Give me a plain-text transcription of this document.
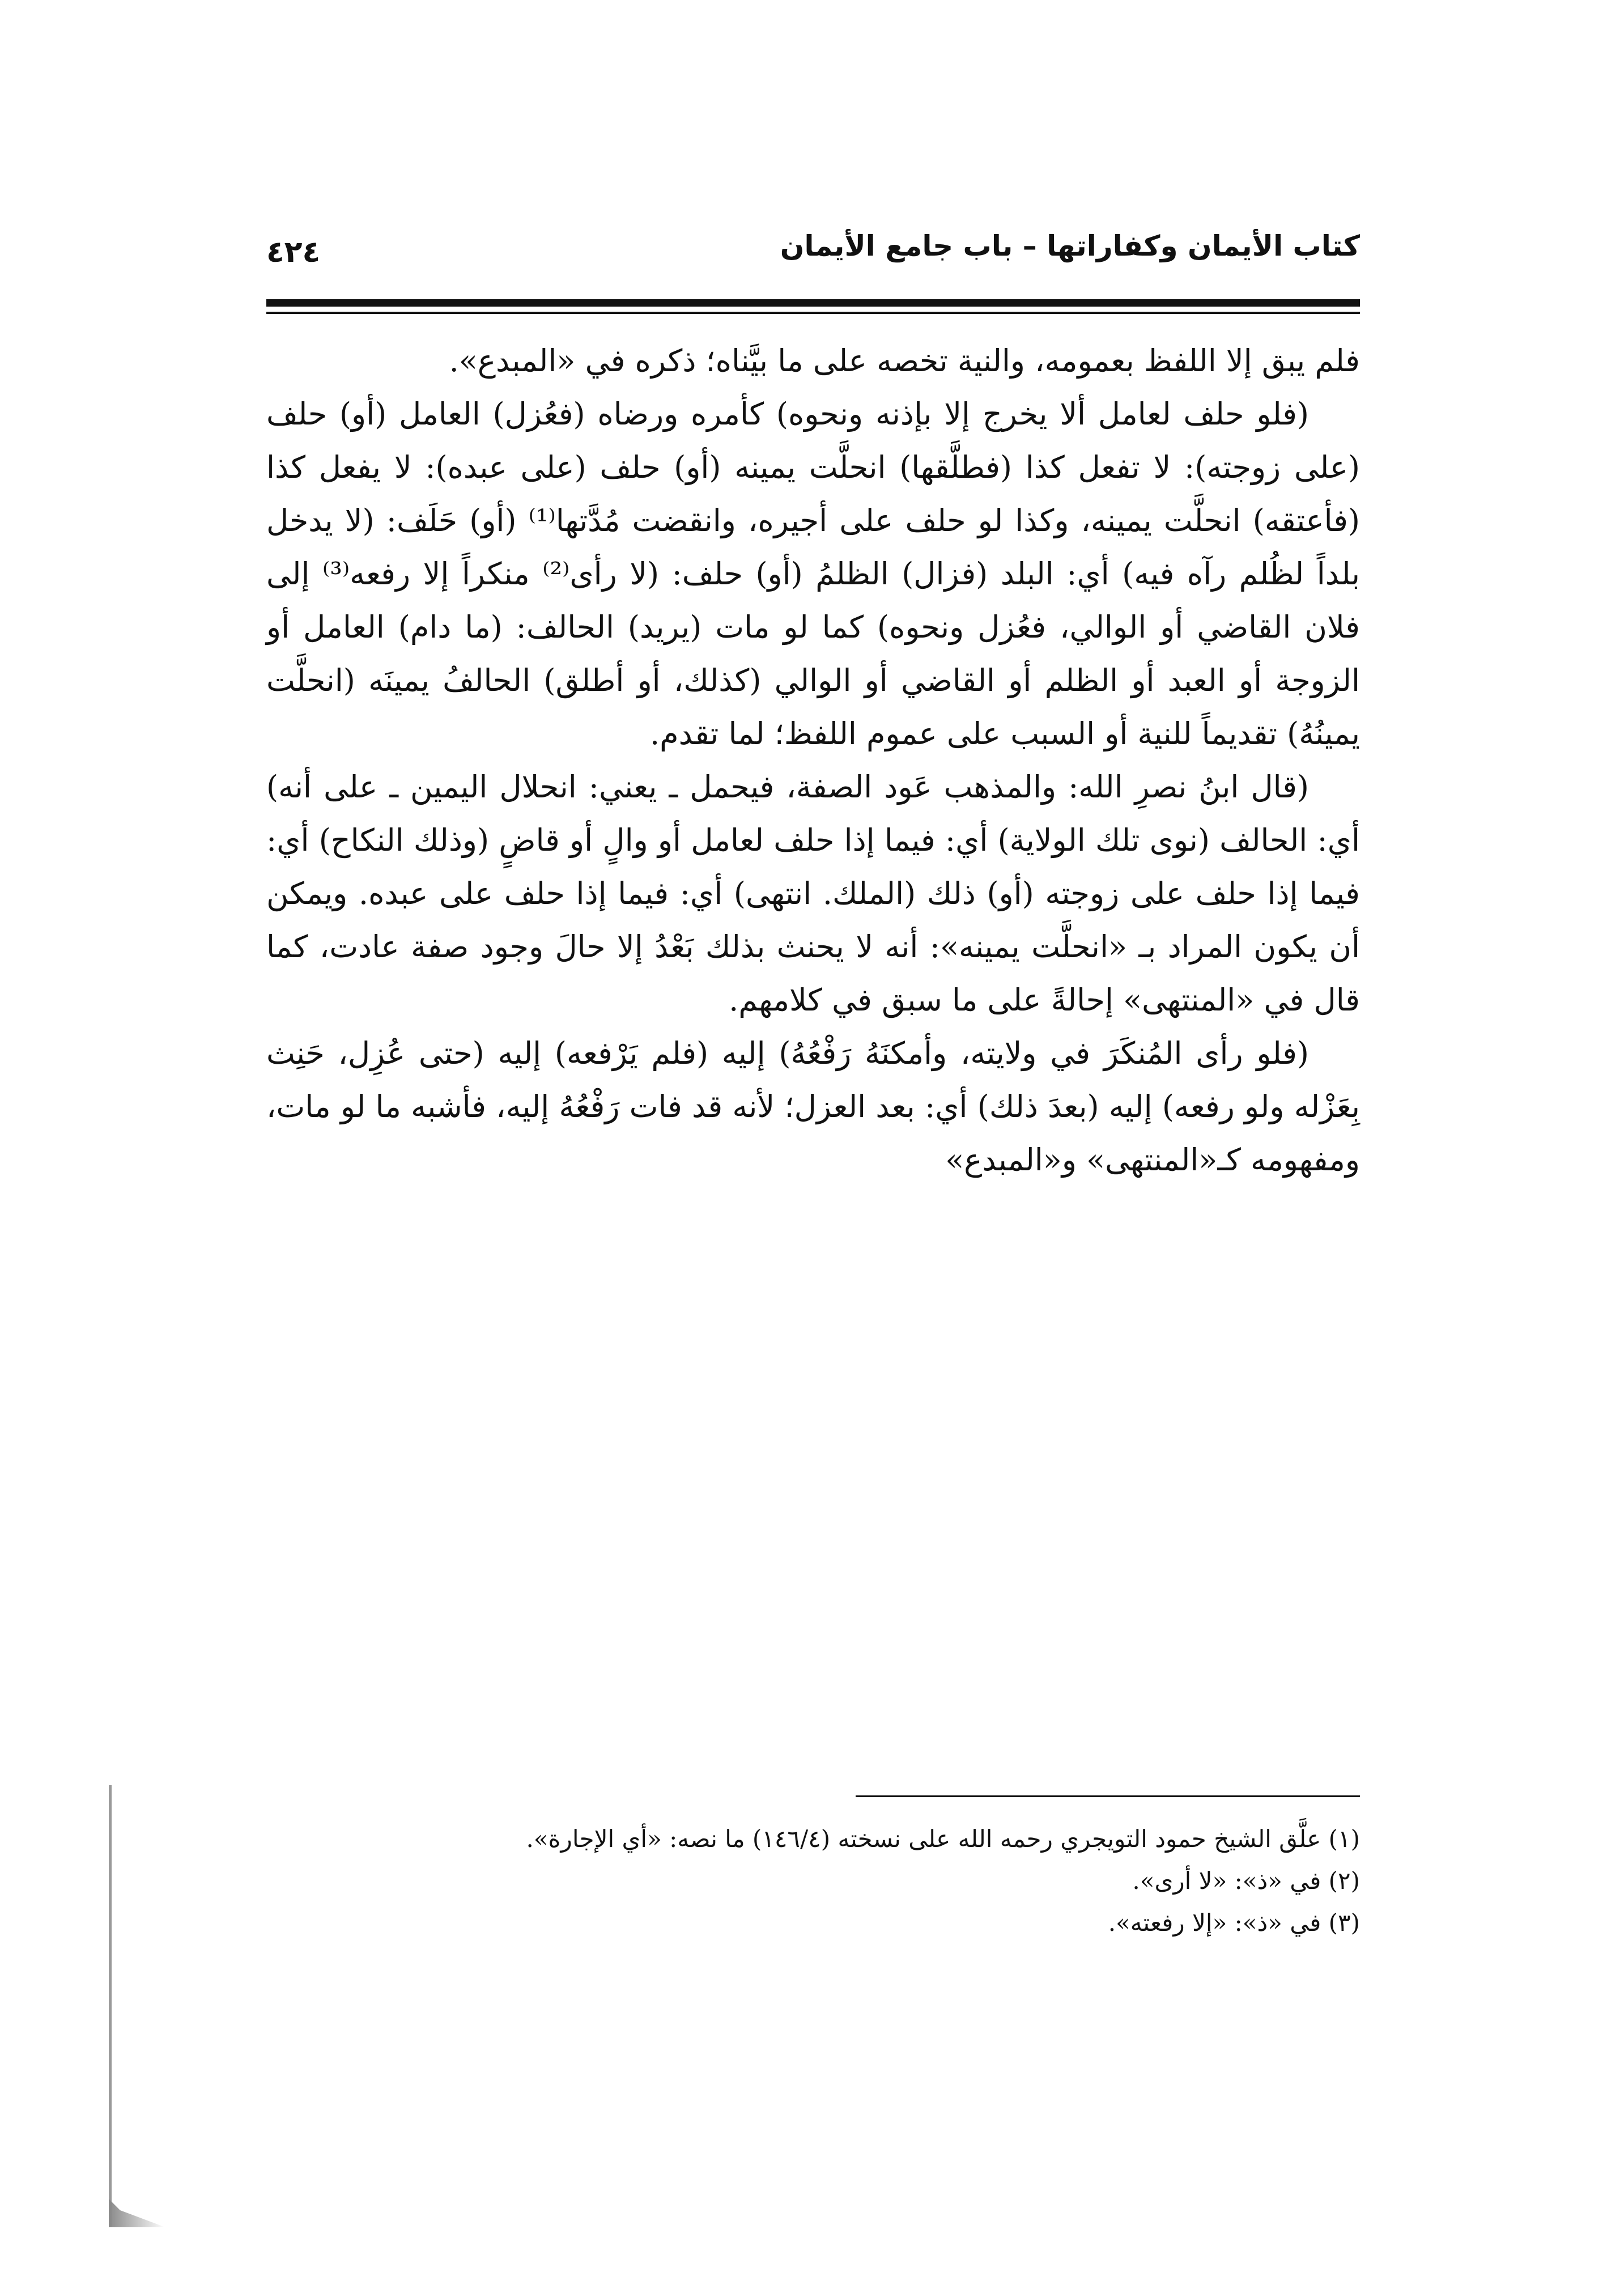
كتاب الأيمان وكفاراتها – باب جامع الأيمان
٤٢٤

فلم يبق إلا اللفظ بعمومه، والنية تخصه على ما بيَّناه؛ ذكره في «المبدع».

(فلو حلف لعامل ألا يخرج إلا بإذنه ونحوه) كأمره ورضاه (فعُزل) العامل (أو) حلف (على زوجته): لا تفعل كذا (فطلَّقها) انحلَّت يمينه (أو) حلف (على عبده): لا يفعل كذا (فأعتقه) انحلَّت يمينه، وكذا لو حلف على أجيره، وانقضت مُدَّتها⁽¹⁾ (أو) حَلَف: (لا يدخل بلداً لظُلم رآه فيه) أي: البلد (فزال) الظلمُ (أو) حلف: (لا رأى⁽²⁾ منكراً إلا رفعه⁽³⁾ إلى فلان القاضي أو الوالي، فعُزل ونحوه) كما لو مات (يريد) الحالف: (ما دام) العامل أو الزوجة أو العبد أو الظلم أو القاضي أو الوالي (كذلك، أو أطلق) الحالفُ يمينَه (انحلَّت يمينُهُ) تقديماً للنية أو السبب على عموم اللفظ؛ لما تقدم.

(قال ابنُ نصرِ الله: والمذهب عَود الصفة، فيحمل ـ يعني: انحلال اليمين ـ على أنه) أي: الحالف (نوى تلك الولاية) أي: فيما إذا حلف لعامل أو والٍ أو قاضٍ (وذلك النكاح) أي: فيما إذا حلف على زوجته (أو) ذلك (الملك. انتهى) أي: فيما إذا حلف على عبده. ويمكن أن يكون المراد بـ «انحلَّت يمينه»: أنه لا يحنث بذلك بَعْدُ إلا حالَ وجود صفة عادت، كما قال في «المنتهى» إحالةً على ما سبق في كلامهم.

(فلو رأى المُنكَرَ في ولايته، وأمكنَهُ رَفْعُهُ) إليه (فلم يَرْفعه) إليه (حتى عُزِل، حَنِث بِعَزْله ولو رفعه) إليه (بعدَ ذلك) أي: بعد العزل؛ لأنه قد فات رَفْعُهُ إليه، فأشبه ما لو مات، ومفهومه كـ«المنتهى» و«المبدع»

(١) علَّق الشيخ حمود التويجري رحمه الله على نسخته (١٤٦/٤) ما نصه: «أي الإجارة».

(٢) في «ذ»: «لا أرى».

(٣) في «ذ»: «إلا رفعته».
